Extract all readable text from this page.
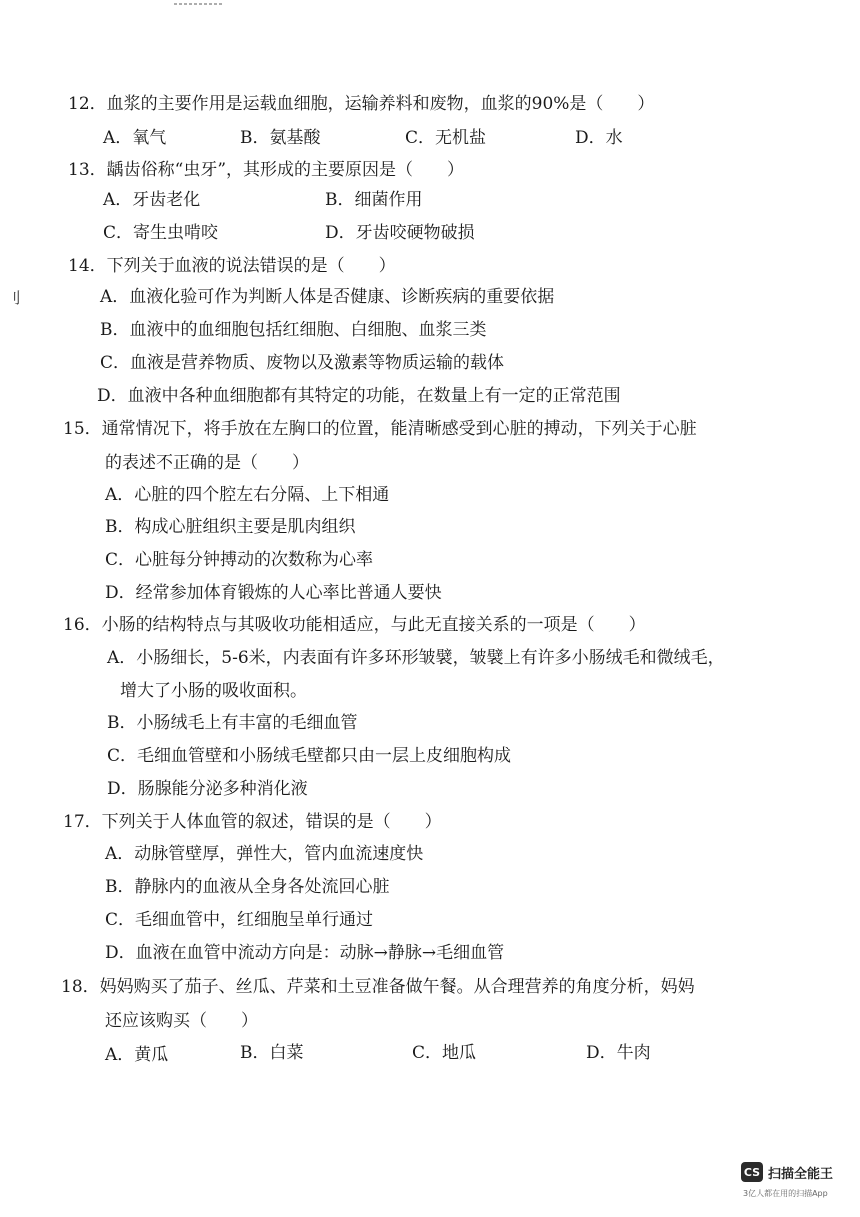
刂
12．血浆的主要作用是运载血细胞，运输养料和废物，血浆的90%是（　　）
A．氧气	B．氨基酸	C．无机盐	D．水
13．龋齿俗称“虫牙”，其形成的主要原因是（　　）
A．牙齿老化	B．细菌作用
C．寄生虫啃咬	D．牙齿咬硬物破损
14．下列关于血液的说法错误的是（　　）
A．血液化验可作为判断人体是否健康、诊断疾病的重要依据
B．血液中的血细胞包括红细胞、白细胞、血浆三类
C．血液是营养物质、废物以及激素等物质运输的载体
D．血液中各种血细胞都有其特定的功能，在数量上有一定的正常范围
15．通常情况下，将手放在左胸口的位置，能清晰感受到心脏的搏动，下列关于心脏
的表述不正确的是（　　）
A．心脏的四个腔左右分隔、上下相通
B．构成心脏组织主要是肌肉组织
C．心脏每分钟搏动的次数称为心率
D．经常参加体育锻炼的人心率比普通人要快
16．小肠的结构特点与其吸收功能相适应，与此无直接关系的一项是（　　）
A．小肠细长，5-6米，内表面有许多环形皱襞，皱襞上有许多小肠绒毛和微绒毛，
增大了小肠的吸收面积。
B．小肠绒毛上有丰富的毛细血管
C．毛细血管壁和小肠绒毛壁都只由一层上皮细胞构成
D．肠腺能分泌多种消化液
17．下列关于人体血管的叙述，错误的是（　　）
A．动脉管壁厚，弹性大，管内血流速度快
B．静脉内的血液从全身各处流回心脏
C．毛细血管中，红细胞呈单行通过
D．血液在血管中流动方向是：动脉→静脉→毛细血管
18．妈妈购买了茄子、丝瓜、芹菜和土豆准备做午餐。从合理营养的角度分析，妈妈
还应该购买（　　）
A．黄瓜	B．白菜	C．地瓜	D．牛肉
CS 扫描全能王
3亿人都在用的扫描App
